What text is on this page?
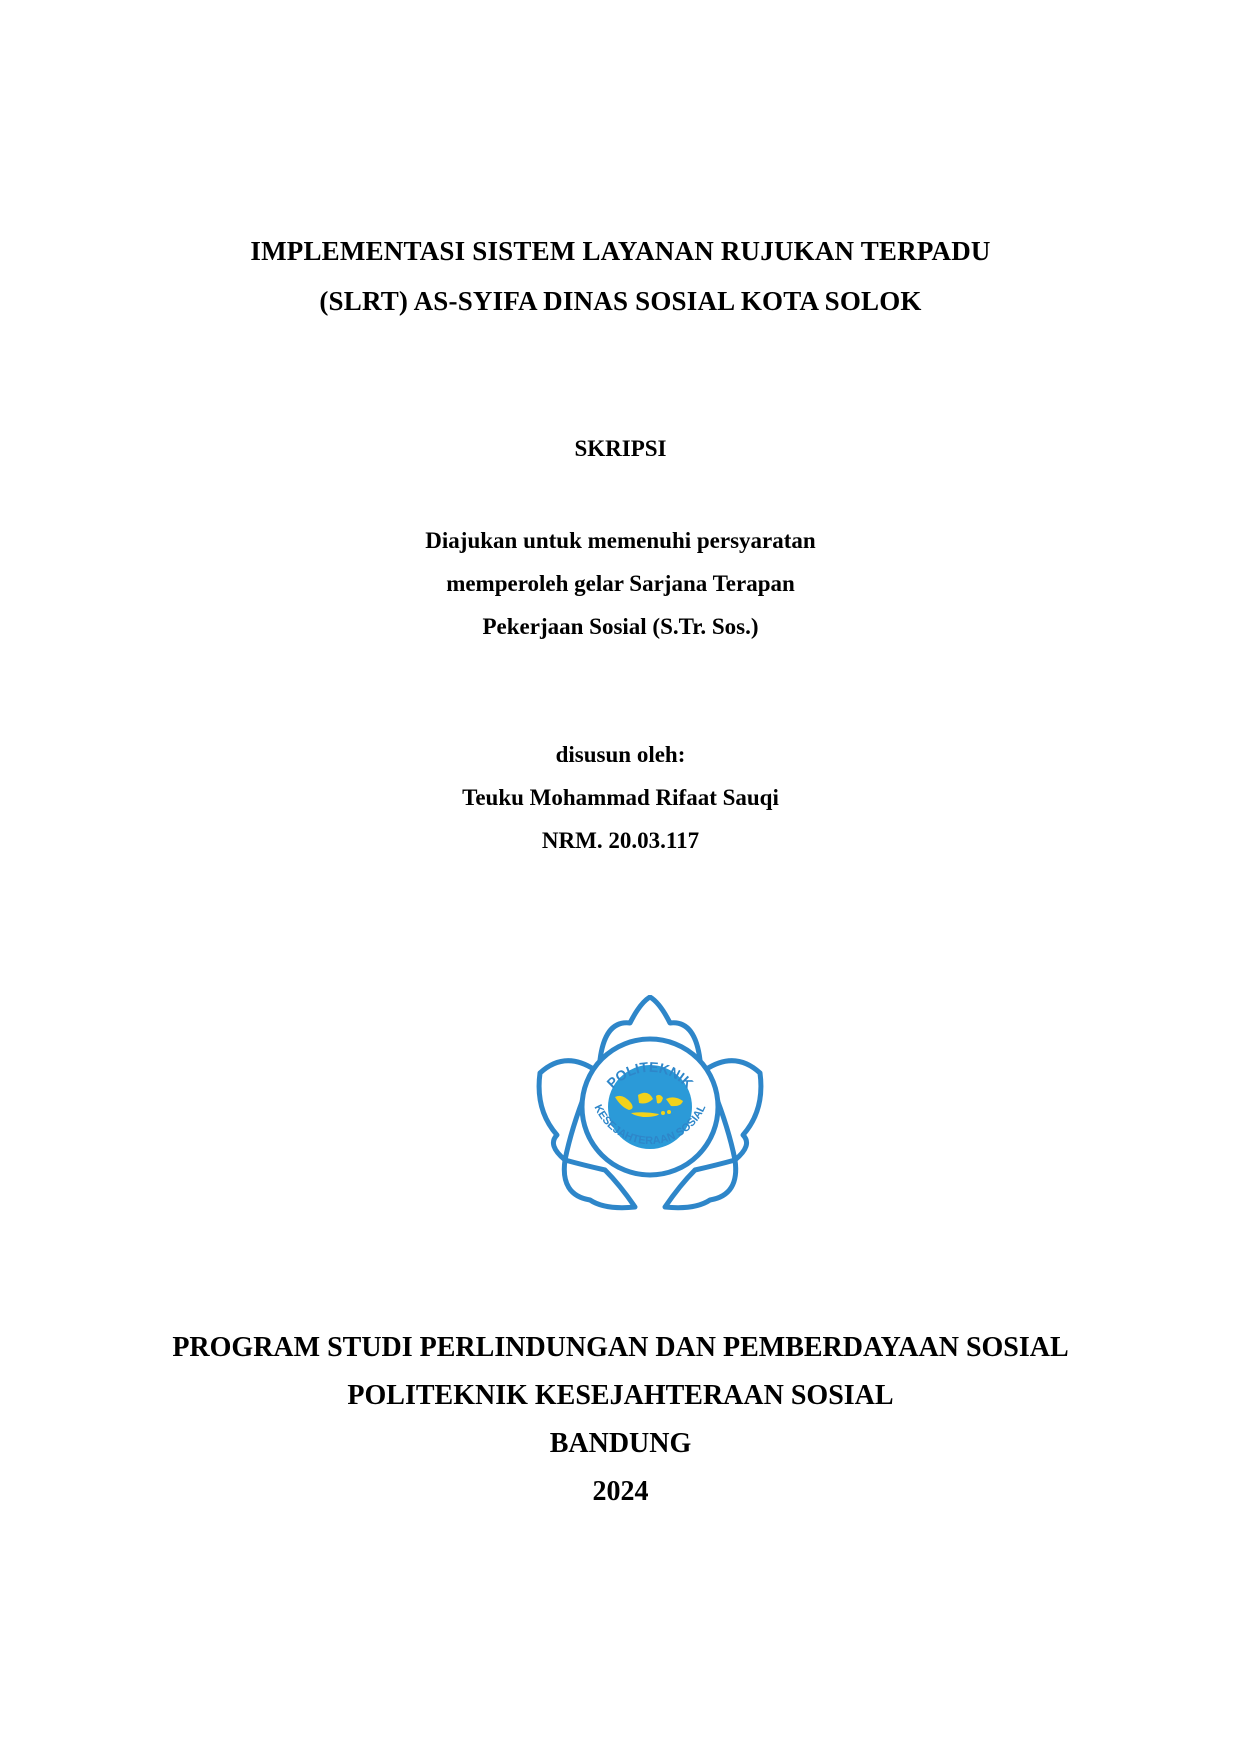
IMPLEMENTASI SISTEM LAYANAN RUJUKAN TERPADU
(SLRT) AS-SYIFA DINAS SOSIAL KOTA SOLOK
SKRIPSI
Diajukan untuk memenuhi persyaratan
memperoleh gelar Sarjana Terapan
Pekerjaan Sosial (S.Tr. Sos.)
disusun oleh:
Teuku Mohammad Rifaat Sauqi
NRM. 20.03.117
POLITEKNIK
KESEJAHTERAAN SOSIAL
PROGRAM STUDI PERLINDUNGAN DAN PEMBERDAYAAN SOSIAL
POLITEKNIK KESEJAHTERAAN SOSIAL
BANDUNG
2024
